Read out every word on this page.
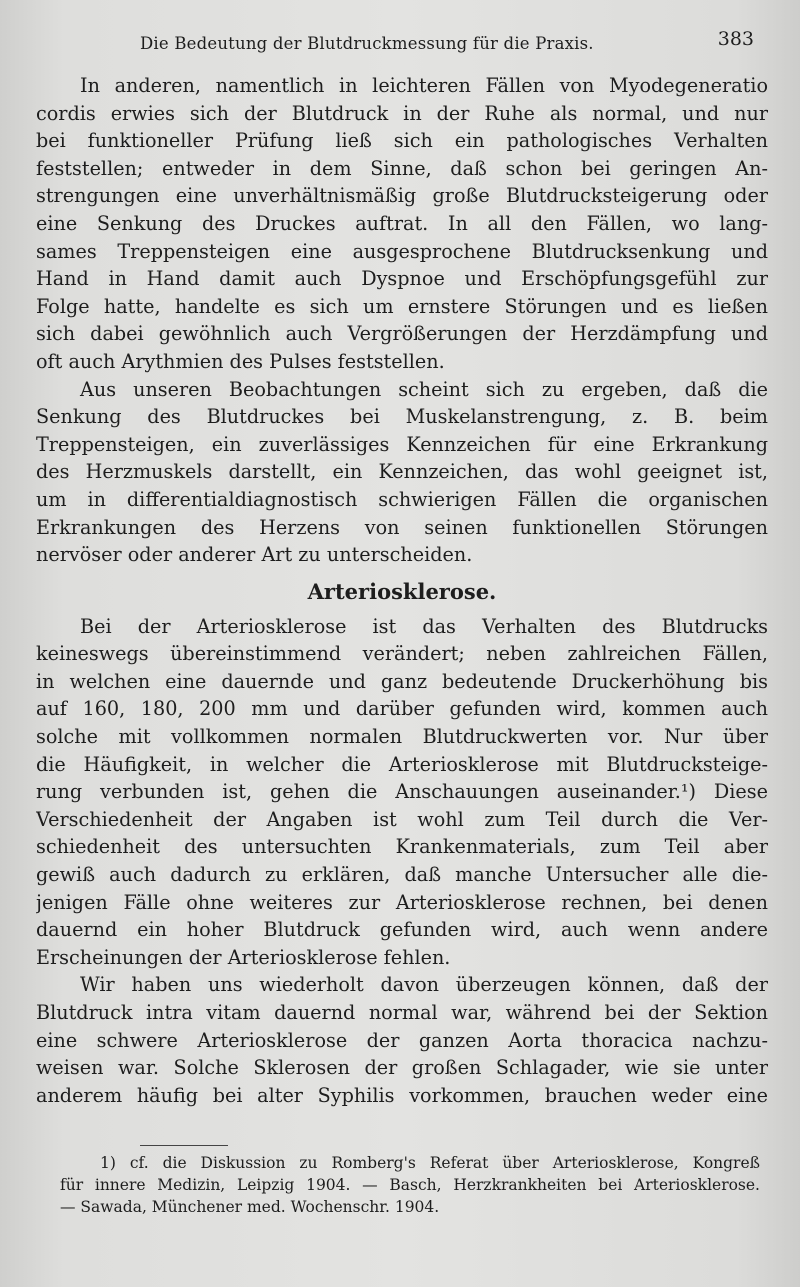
Die Bedeutung der Blutdruckmessung für die Praxis.	383
In anderen, namentlich in leichteren Fällen von Myodegeneratio
cordis erwies sich der Blutdruck in der Ruhe als normal, und nur
bei funktioneller Prüfung ließ sich ein pathologisches Verhalten
feststellen; entweder in dem Sinne, daß schon bei geringen An-
strengungen eine unverhältnismäßig große Blutdrucksteigerung oder
eine Senkung des Druckes auftrat. In all den Fällen, wo lang-
sames Treppensteigen eine ausgesprochene Blutdrucksenkung und
Hand in Hand damit auch Dyspnoe und Erschöpfungsgefühl zur
Folge hatte, handelte es sich um ernstere Störungen und es ließen
sich dabei gewöhnlich auch Vergrößerungen der Herzdämpfung und
oft auch Arythmien des Pulses feststellen.
Aus unseren Beobachtungen scheint sich zu ergeben, daß die
Senkung des Blutdruckes bei Muskelanstrengung, z. B. beim
Treppensteigen, ein zuverlässiges Kennzeichen für eine Erkrankung
des Herzmuskels darstellt, ein Kennzeichen, das wohl geeignet ist,
um in differentialdiagnostisch schwierigen Fällen die organischen
Erkrankungen des Herzens von seinen funktionellen Störungen
nervöser oder anderer Art zu unterscheiden.
Arteriosklerose.
Bei der Arteriosklerose ist das Verhalten des Blutdrucks
keineswegs übereinstimmend verändert; neben zahlreichen Fällen,
in welchen eine dauernde und ganz bedeutende Druckerhöhung bis
auf 160, 180, 200 mm und darüber gefunden wird, kommen auch
solche mit vollkommen normalen Blutdruckwerten vor. Nur über
die Häufigkeit, in welcher die Arteriosklerose mit Blutdrucksteige-
rung verbunden ist, gehen die Anschauungen auseinander.¹) Diese
Verschiedenheit der Angaben ist wohl zum Teil durch die Ver-
schiedenheit des untersuchten Krankenmaterials, zum Teil aber
gewiß auch dadurch zu erklären, daß manche Untersucher alle die-
jenigen Fälle ohne weiteres zur Arteriosklerose rechnen, bei denen
dauernd ein hoher Blutdruck gefunden wird, auch wenn andere
Erscheinungen der Arteriosklerose fehlen.
Wir haben uns wiederholt davon überzeugen können, daß der
Blutdruck intra vitam dauernd normal war, während bei der Sektion
eine schwere Arteriosklerose der ganzen Aorta thoracica nachzu-
weisen war. Solche Sklerosen der großen Schlagader, wie sie unter
anderem häufig bei alter Syphilis vorkommen, brauchen weder eine
1) cf. die Diskussion zu Romberg's Referat über Arteriosklerose, Kongreß
für innere Medizin, Leipzig 1904. — Basch, Herzkrankheiten bei Arteriosklerose.
— Sawada, Münchener med. Wochenschr. 1904.
